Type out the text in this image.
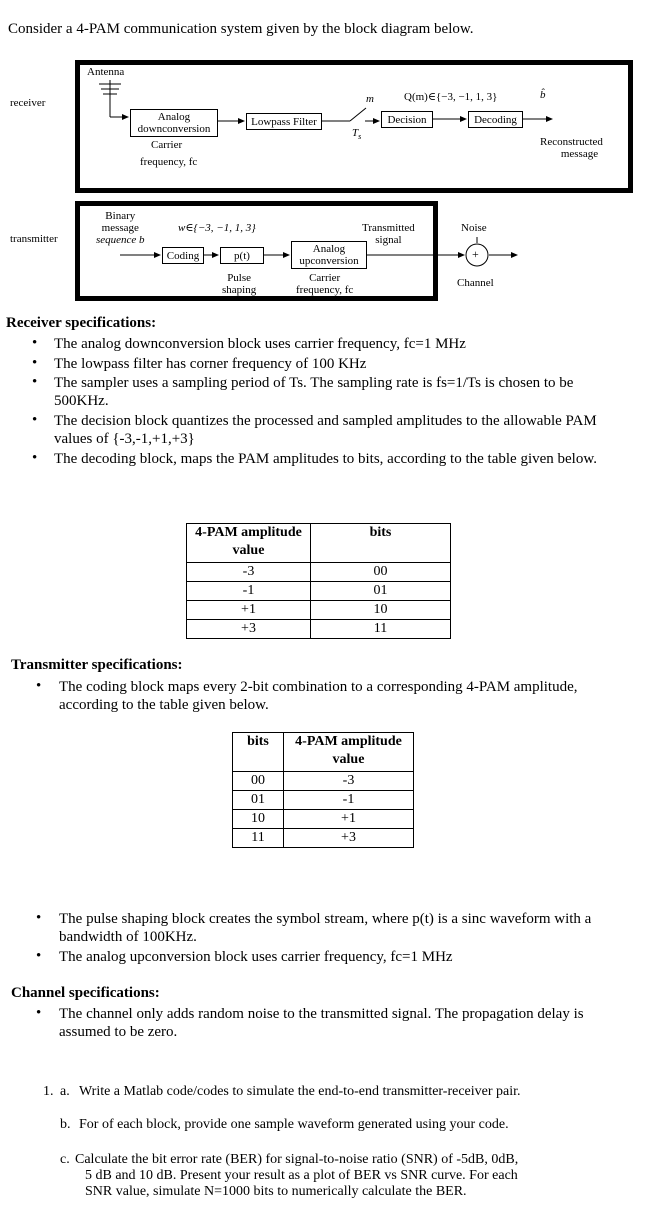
Consider a 4-PAM communication system given by the block diagram below.
receiver
transmitter
Antenna
Analog
downconversion
Carrier
frequency, fc
Lowpass Filter
m
$T_s$
Q(m)∈{−3, −1, 1, 3}
Decision	Decoding
b̂
Reconstructed
message
Binary
message
sequence b
w∈{−3, −1, 1, 3}
Coding	p(t)
Pulse
shaping
Analog
upconversion
Carrier
frequency, fc
Transmitted
signal
Noise
+
Channel
Receiver specifications:
• The analog downconversion block uses carrier frequency, fc=1 MHz
• The lowpass filter has corner frequency of 100 KHz
• The sampler uses a sampling period of Ts. The sampling rate is fs=1/Ts is chosen to be 500KHz.
• The decision block quantizes the processed and sampled amplitudes to the allowable PAM values of {-3,-1,+1,+3}
• The decoding block, maps the PAM amplitudes to bits, according to the table given below.
4-PAM amplitude value	bits
-3	00
-1	01
+1	10
+3	11
Transmitter specifications:
• The coding block maps every 2-bit combination to a corresponding 4-PAM amplitude, according to the table given below.
bits	4-PAM amplitude value
00	-3
01	-1
10	+1
11	+3
• The pulse shaping block creates the symbol stream, where p(t) is a sinc waveform with a bandwidth of 100KHz.
• The analog upconversion block uses carrier frequency, fc=1 MHz
Channel specifications:
• The channel only adds random noise to the transmitted signal. The propagation delay is assumed to be zero.
1. a. Write a Matlab code/codes to simulate the end-to-end transmitter-receiver pair.
b. For of each block, provide one sample waveform generated using your code.
c. Calculate the bit error rate (BER) for signal-to-noise ratio (SNR) of -5dB, 0dB,
5 dB and 10 dB. Present your result as a plot of BER vs SNR curve. For each
SNR value, simulate N=1000 bits to numerically calculate the BER.
